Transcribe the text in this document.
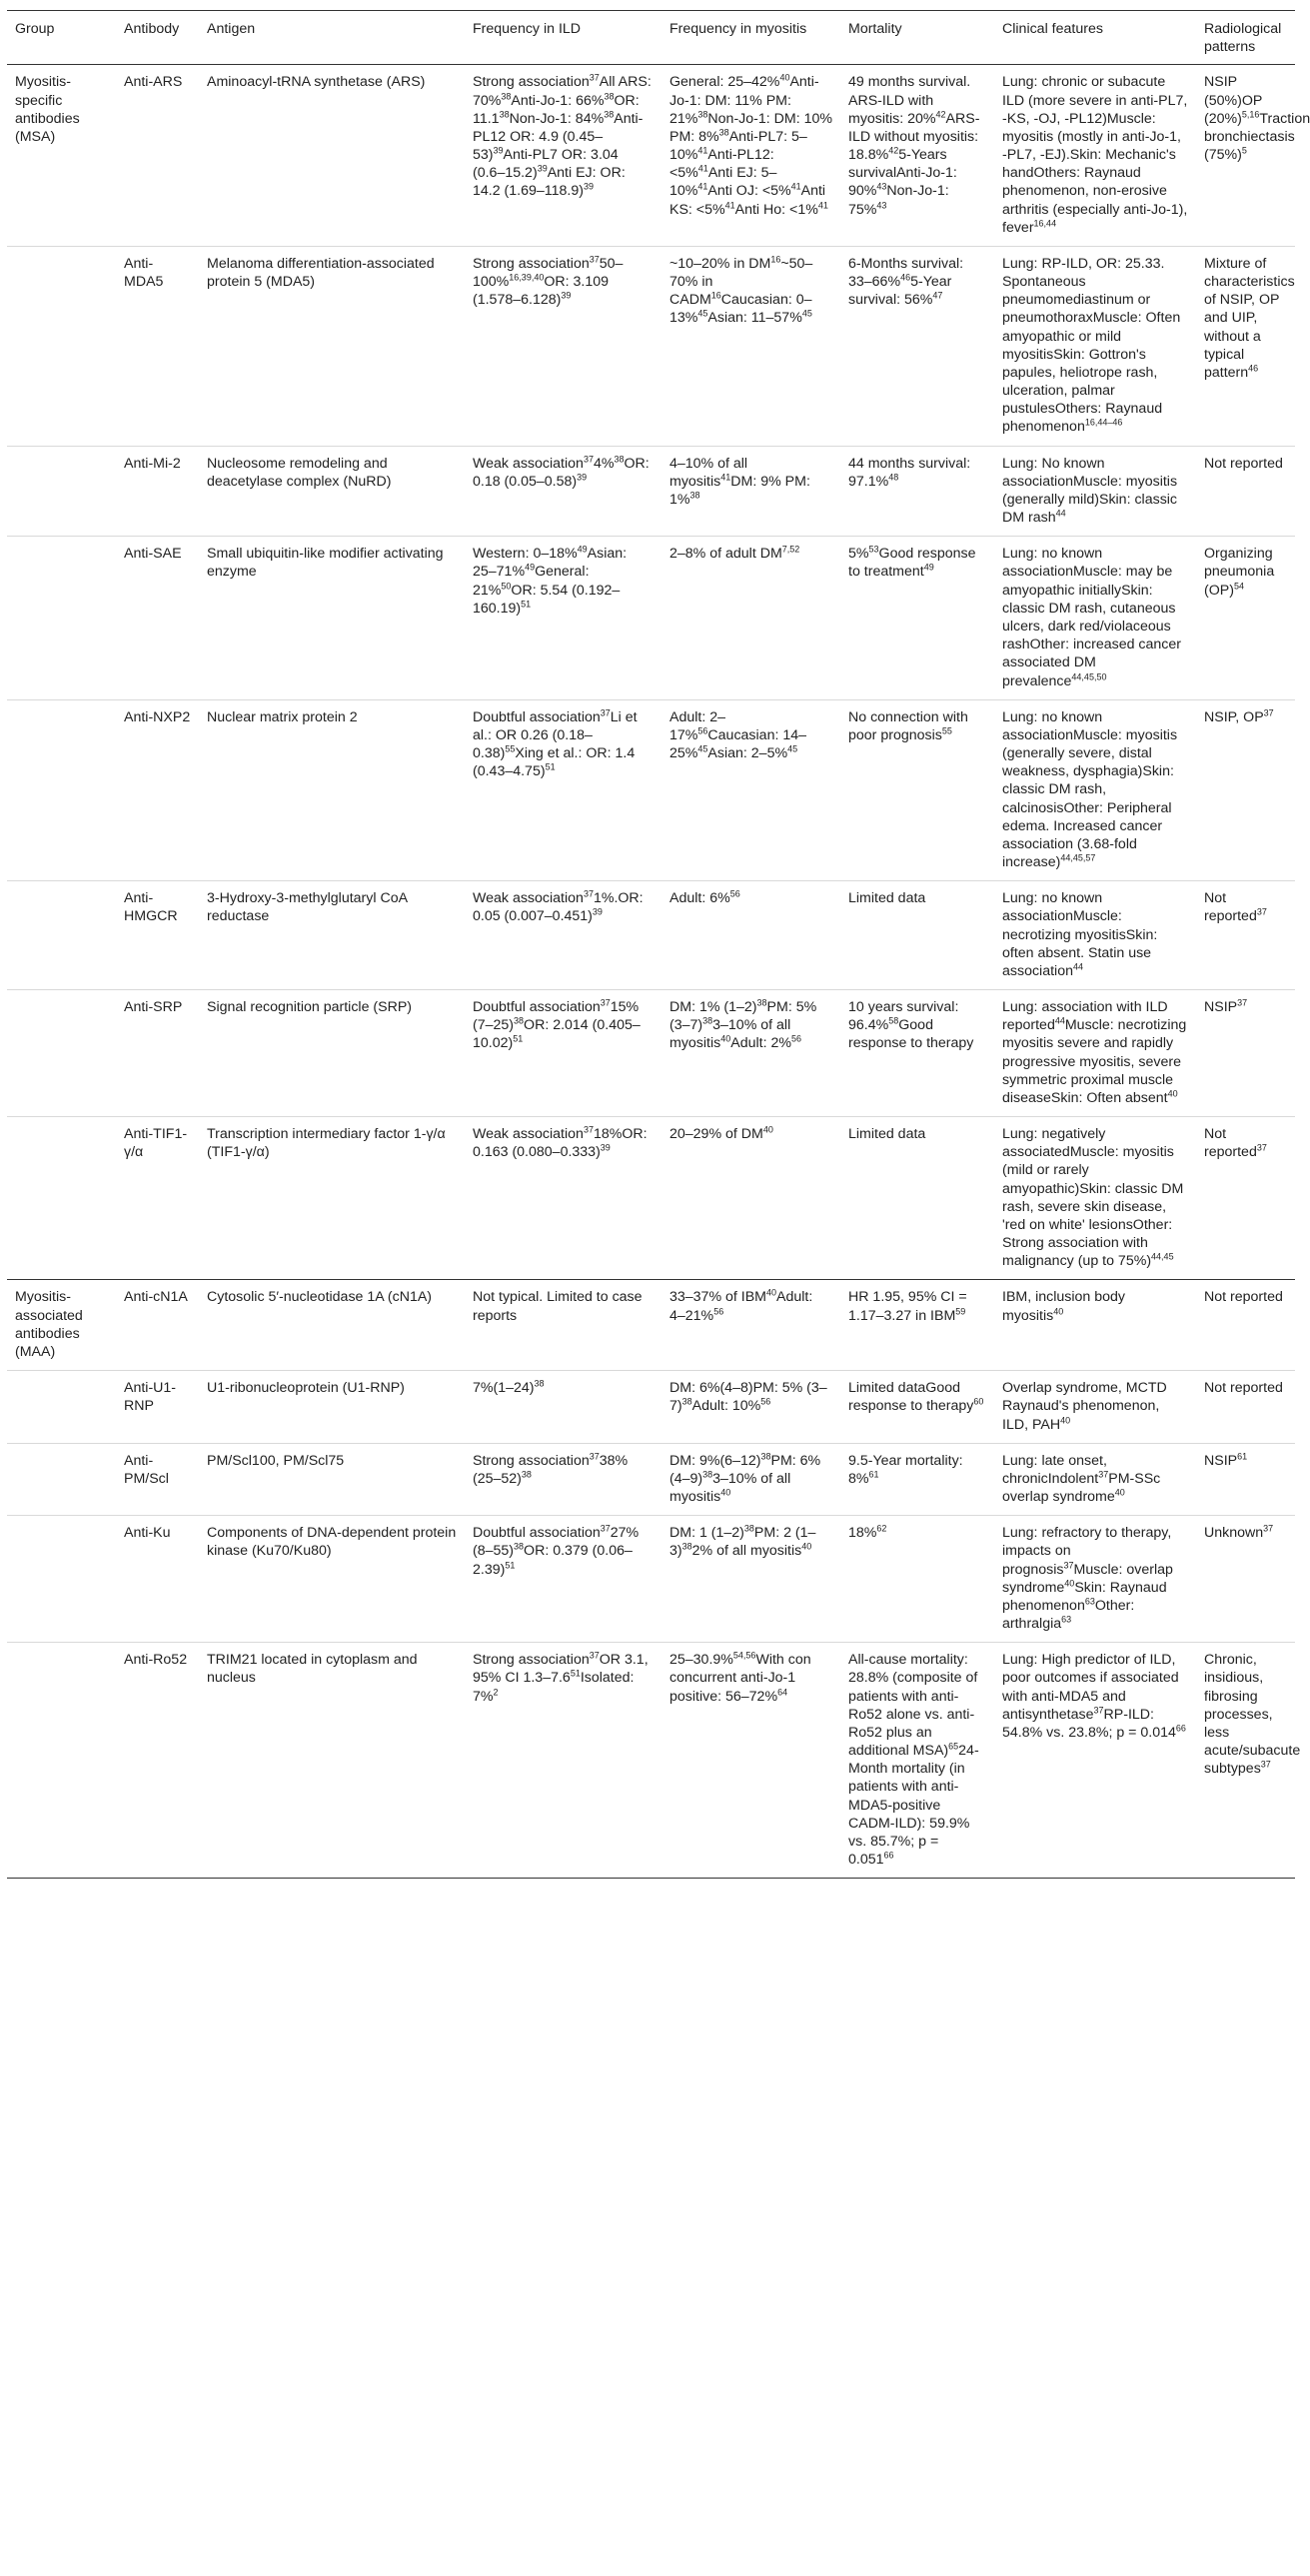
Group	Antibody	Antigen	Frequency in ILD	Frequency in myositis	Mortality	Clinical features	Radiological patterns
Myositis-specific antibodies (MSA)	Anti-ARS	Aminoacyl-tRNA synthetase (ARS)	Strong association$^{37}$All ARS: 70%$^{38}$Anti-Jo-1: 66%$^{38}$OR: 11.1$^{38}$Non-Jo-1: 84%$^{38}$Anti-PL12 OR: 4.9 $(0.45-53)^{39}Anti-PL7$ OR: 3.04 $(0.6-15.2)^{39}Anti$ EJ: OR: 14.2 $(1.69-118.9)^{39}$	General: 25–42%$^{40}$Anti-Jo-1: DM: 11% PM: 21%$^{38}$Non-Jo-1: DM: 10% PM: 8%$^{38}$Anti-PL7: 5–10%$^{41}$Anti-PL12: <5%$^{41}$Anti EJ: 5–10%$^{41}$Anti OJ: <5%$^{41}$Anti KS: <5%$^{41}$Anti Ho: <1%$^{41}$	49 months survival. ARS-ILD with myositis: 20%$^{42}$ARS-ILD without myositis: 18.8%$^{42}$5-Years survivalAnti-Jo-1: 90%$^{43}$Non-Jo-1: 75%$^{43}$	Lung: chronic or subacute ILD (more severe in anti-PL7, -KS, -OJ, -PL12)Muscle: myositis (mostly in anti-Jo-1, -PL7, -EJ).Skin: Mechanic's handOthers: Raynaud phenomenon, non-erosive arthritis (especially anti-Jo-1), fever$^{16,44}$	NSIP (50%)OP $(20\%)^{5,16}Traction$ bronchiectasis $(75\%)^5$
	Anti-MDA5	Melanoma differentiation-associated protein 5 (MDA5)	Strong association$^{37}$50–100%$^{16,39,40}$OR: 3.109 $(1.578-6.128)^{39}$	~10–20% in DM$^{16}$~50–70% in CADM$^{16}$Caucasian: 0–13%$^{45}$Asian: 11–57%$^{45}$	6-Months survival: 33–66%$^{46}$5-Year survival: 56%$^{47}$	Lung: RP-ILD, OR: 25.33. Spontaneous pneumomediastinum or pneumothoraxMuscle: Often amyopathic or mild myositisSkin: Gottron's papules, heliotrope rash, ulceration, palmar pustulesOthers: Raynaud phenomenon$^{16,44-46}$	Mixture of characteristics of NSIP, OP and UIP, without a typical pattern$^{46}$
	Anti-Mi-2	Nucleosome remodeling and deacetylase complex (NuRD)	Weak association$^{37}$4%$^{38}$OR: 0.18 $(0.05-0.58)^{39}$	4–10% of all myositis$^{41}$DM: 9% PM: 1%$^{38}$	44 months survival: 97.1%$^{48}$	Lung: No known associationMuscle: myositis (generally mild)Skin: classic DM rash$^{44}$	Not reported
	Anti-SAE	Small ubiquitin-like modifier activating enzyme	Western: 0–18%$^{49}$Asian: 25–71%$^{49}$General: 21%$^{50}$OR: 5.54 $(0.192-160.19)^{51}$	2–8% of adult DM$^{7,52}$	5%$^{53}$Good response to treatment$^{49}$	Lung: no known associationMuscle: may be amyopathic initiallySkin: classic DM rash, cutaneous ulcers, dark red/violaceous rashOther: increased cancer associated DM prevalence$^{44,45,50}$	Organizing pneumonia (OP)$^{54}$
	Anti-NXP2	Nuclear matrix protein 2	Doubtful association$^{37}$Li et al.: OR 0.26 $(0.18-0.38)^{55}Xing$ et al.: OR: 1.4 $(0.43-4.75)^{51}$	Adult: 2–17%$^{56}$Caucasian: 14–25%$^{45}$Asian: 2–5%$^{45}$	No connection with poor prognosis$^{55}$	Lung: no known associationMuscle: myositis (generally severe, distal weakness, dysphagia)Skin: classic DM rash, calcinosisOther: Peripheral edema. Increased cancer association (3.68-fold increase)$^{44,45,57}$	NSIP, OP$^{37}$
	Anti-HMGCR	3-Hydroxy-3-methylglutaryl CoA reductase	Weak association$^{37}$1%.OR: 0.05 $(0.007-0.451)^{39}$	Adult: 6%$^{56}$	Limited data	Lung: no known associationMuscle: necrotizing myositisSkin: often absent. Statin use association$^{44}$	Not reported$^{37}$
	Anti-SRP	Signal recognition particle (SRP)	Doubtful association$^{37}$15% $(7-25)^{38}OR$: 2.014 $(0.405-10.02)^{51}$	DM: 1% $(1-2)^{38}PM$: 5% $(3-7)^{38}3-10\%$ of all myositis$^{40}$Adult: 2%$^{56}$	10 years survival: 96.4%$^{58}$Good response to therapy	Lung: association with ILD reported$^{44}$Muscle: necrotizing myositis severe and rapidly progressive myositis, severe symmetric proximal muscle diseaseSkin: Often absent$^{40}$	NSIP$^{37}$
	Anti-TIF1-γ/α	Transcription intermediary factor 1-γ/α (TIF1-γ/α)	Weak association$^{37}$18%OR: 0.163 $(0.080-0.333)^{39}$	20–29% of DM$^{40}$	Limited data	Lung: negatively associatedMuscle: myositis (mild or rarely amyopathic)Skin: classic DM rash, severe skin disease, 'red on white' lesionsOther: Strong association with malignancy (up to 75%)$^{44,45}$	Not reported$^{37}$
Myositis-associated antibodies (MAA)	Anti-cN1A	Cytosolic 5′-nucleotidase 1A (cN1A)	Not typical. Limited to case reports	33–37% of IBM$^{40}$Adult: 4–21%$^{56}$	HR 1.95, 95% CI = 1.17–3.27 in IBM$^{59}$	IBM, inclusion body myositis$^{40}$	Not reported
	Anti-U1-RNP	U1-ribonucleoprotein (U1-RNP)	$7\%(1-24)^{38}$	DM: 6%(4–8)PM: 5% $(3-7)^{38}Adult$: 10%$^{56}$	Limited dataGood response to therapy$^{60}$	Overlap syndrome, MCTD Raynaud's phenomenon, ILD, PAH$^{40}$	Not reported
	Anti-PM/Scl	PM/Scl100, PM/Scl75	Strong association$^{37}$38% $(25-52)^{38}$	DM: $9\%(6-12)^{38}PM$: 6% $(4-9)^{38}3-10\%$ of all myositis$^{40}$	9.5-Year mortality: 8%$^{61}$	Lung: late onset, chronicIndolent$^{37}$PM-SSc overlap syndrome$^{40}$	NSIP$^{61}$
	Anti-Ku	Components of DNA-dependent protein kinase (Ku70/Ku80)	Doubtful association$^{37}$27% $(8-55)^{38}OR$: 0.379 $(0.06-2.39)^{51}$	DM: 1 $(1-2)^{38}PM$: 2 $(1-3)^{38}2\%$ of all myositis$^{40}$	18%$^{62}$	Lung: refractory to therapy, impacts on prognosis$^{37}$Muscle: overlap syndrome$^{40}$Skin: Raynaud phenomenon$^{63}$Other: arthralgia$^{63}$	Unknown$^{37}$
	Anti-Ro52	TRIM21 located in cytoplasm and nucleus	Strong association$^{37}$OR 3.1, 95% CI $1.3-7.6^{51}Isolated$: 7%$^2$	25–30.9%$^{54,56}$With con concurrent anti-Jo-1 positive: 56–72%$^{64}$	All-cause mortality: 28.8% (composite of patients with anti-Ro52 alone vs. anti-Ro52 plus an additional MSA)$^{65}$24-Month mortality (in patients with anti-MDA5-positive CADM-ILD): 59.9% vs. 85.7%; $p = 0.051^{66}$	Lung: High predictor of ILD, poor outcomes if associated with anti-MDA5 and antisynthetase$^{37}$RP-ILD: 54.8% vs. 23.8%; $p = 0.014^{66}$	Chronic, insidious, fibrosing processes, less acute/subacute subtypes$^{37}$
